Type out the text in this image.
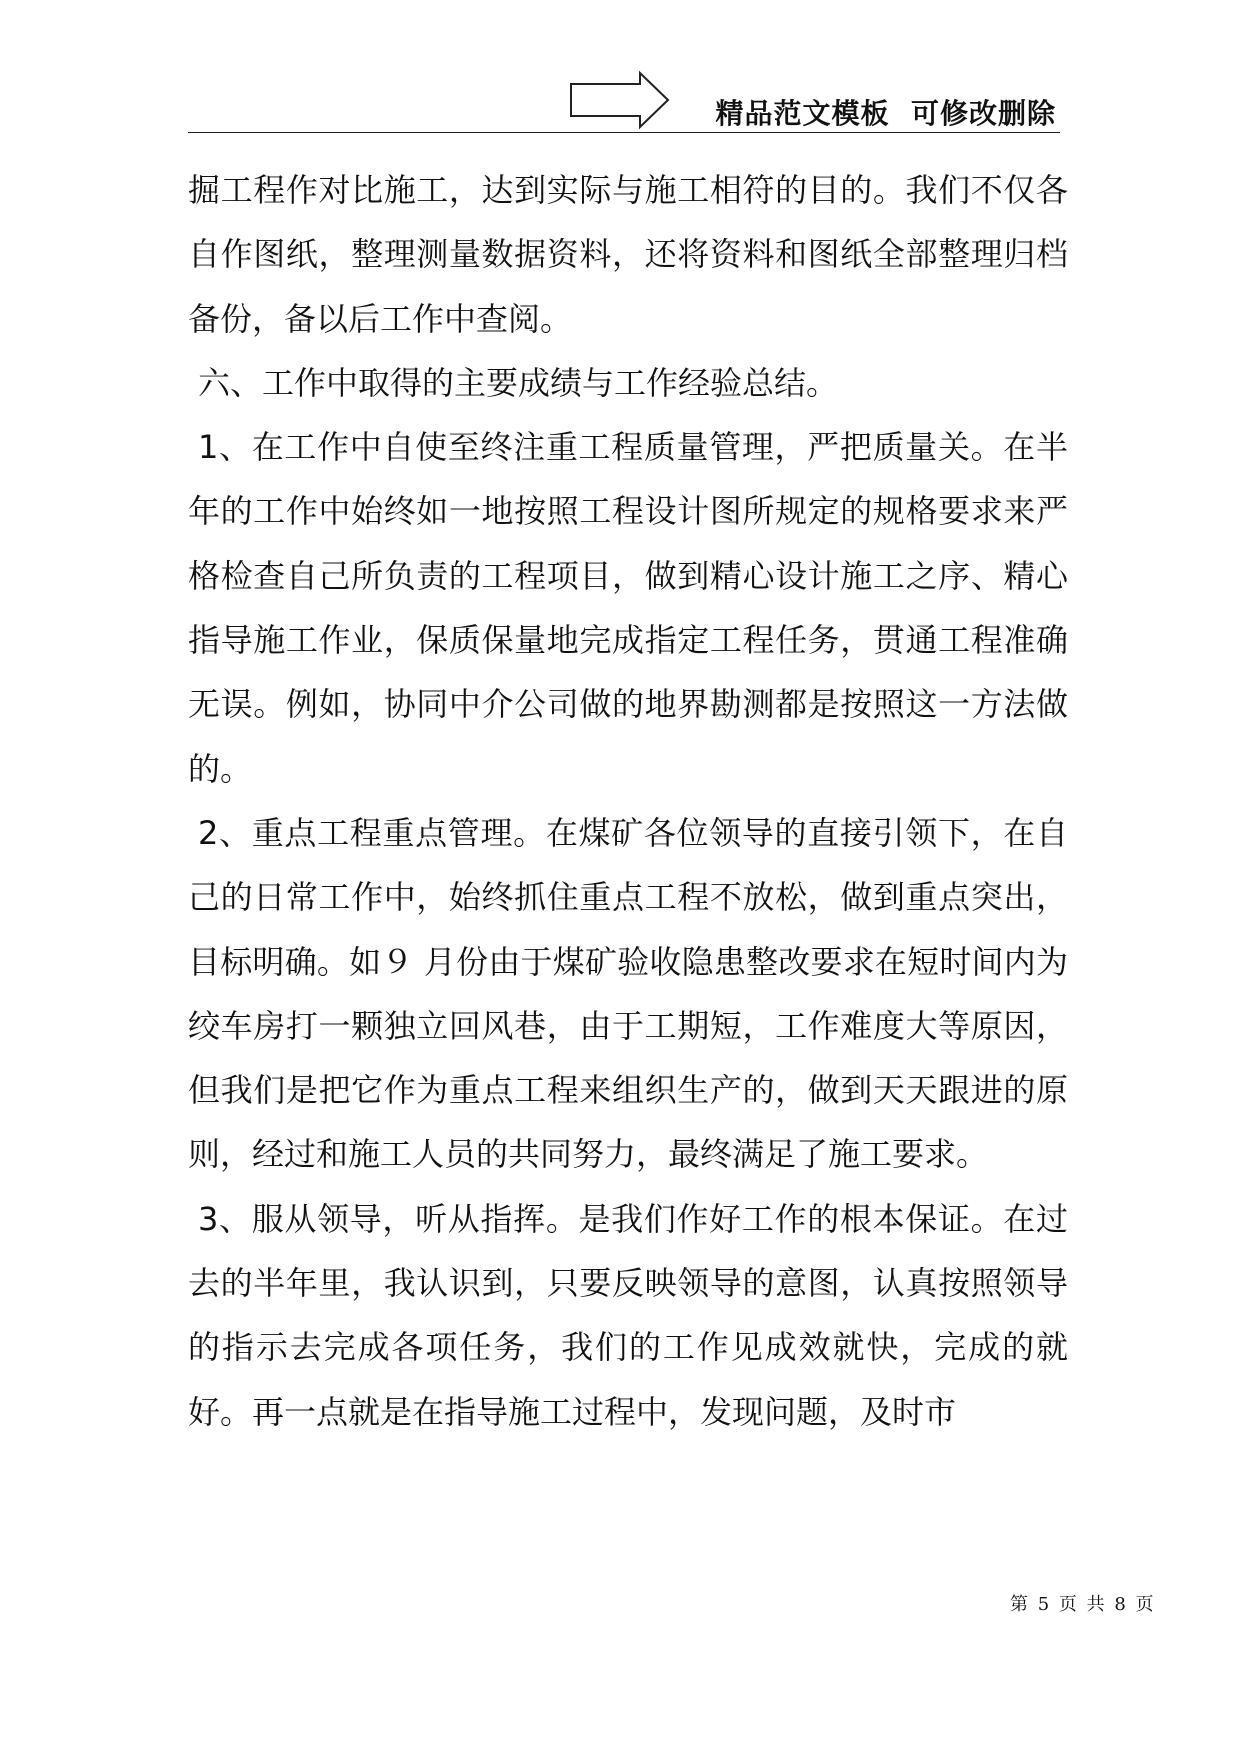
精品范文模板  可修改删除

掘工程作对比施工，达到实际与施工相符的目的。我们不仅各自作图纸，整理测量数据资料，还将资料和图纸全部整理归档备份，备以后工作中查阅。

六、工作中取得的主要成绩与工作经验总结。

1、在工作中自使至终注重工程质量管理，严把质量关。在半年的工作中始终如一地按照工程设计图所规定的规格要求来严格检查自己所负责的工程项目，做到精心设计施工之序、精心指导施工作业，保质保量地完成指定工程任务，贯通工程准确无误。例如，协同中介公司做的地界勘测都是按照这一方法做的。

2、重点工程重点管理。在煤矿各位领导的直接引领下，在自己的日常工作中，始终抓住重点工程不放松，做到重点突出，目标明确。如９ 月份由于煤矿验收隐患整改要求在短时间内为绞车房打一颗独立回风巷，由于工期短，工作难度大等原因，但我们是把它作为重点工程来组织生产的，做到天天跟进的原则，经过和施工人员的共同努力，最终满足了施工要求。

3、服从领导，听从指挥。是我们作好工作的根本保证。在过去的半年里，我认识到，只要反映领导的意图，认真按照领导的指示去完成各项任务，我们的工作见成效就快，完成的就好。再一点就是在指导施工过程中，发现问题，及时市

第 5 页 共 8 页
